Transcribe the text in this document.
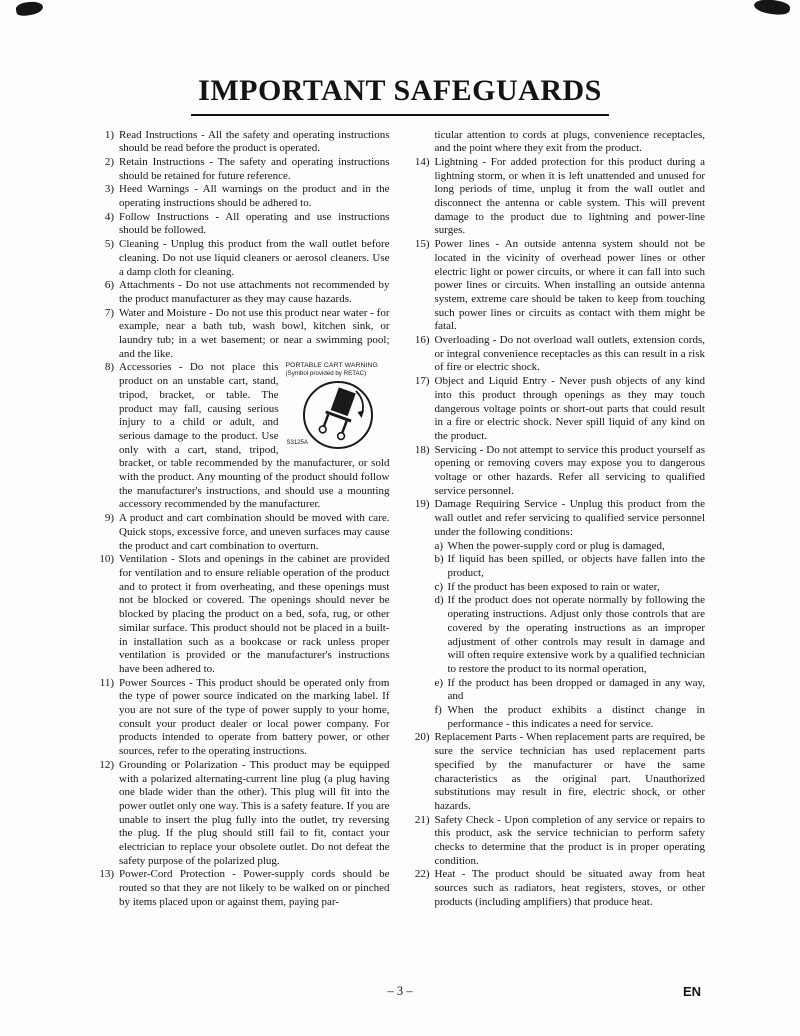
IMPORTANT SAFEGUARDS
1) Read Instructions - All the safety and operating instructions should be read before the product is operated.
2) Retain Instructions - The safety and operating instructions should be retained for future reference.
3) Heed Warnings - All warnings on the product and in the operating instructions should be adhered to.
4) Follow Instructions - All operating and use instructions should be followed.
5) Cleaning - Unplug this product from the wall outlet before cleaning. Do not use liquid cleaners or aerosol cleaners. Use a damp cloth for cleaning.
6) Attachments - Do not use attachments not recommended by the product manufacturer as they may cause hazards.
7) Water and Moisture - Do not use this product near water - for example, near a bath tub, wash bowl, kitchen sink, or laundry tub; in a wet basement; or near a swimming pool; and the like.
8)	PORTABLE CART WARNING
(Symbol provided by RETAC)
S3125A
Accessories - Do not place this product on an unstable cart, stand, tripod, bracket, or table. The product may fall, causing serious injury to a child or adult, and serious damage to the product. Use only with a cart, stand, tripod, bracket, or table recommended by the manufacturer, or sold with the product. Any mounting of the product should follow the manufacturer's instructions, and should use a mounting accessory recommended by the manufacturer.
9) A product and cart combination should be moved with care. Quick stops, excessive force, and uneven surfaces may cause the product and cart combination to overturn.
10) Ventilation - Slots and openings in the cabinet are provided for ventilation and to ensure reliable operation of the product and to protect it from overheating, and these openings must not be blocked or covered. The openings should never be blocked by placing the product on a bed, sofa, rug, or other similar surface. This product should not be placed in a built-in installation such as a bookcase or rack unless proper ventilation is provided or the manufacturer's instructions have been adhered to.
11) Power Sources - This product should be operated only from the type of power source indicated on the marking label. If you are not sure of the type of power supply to your home, consult your product dealer or local power company. For products intended to operate from battery power, or other sources, refer to the operating instructions.
12) Grounding or Polarization - This product may be equipped with a polarized alternating-current line plug (a plug having one blade wider than the other). This plug will fit into the power outlet only one way. This is a safety feature. If you are unable to insert the plug fully into the outlet, try reversing the plug. If the plug should still fail to fit, contact your electrician to replace your obsolete outlet. Do not defeat the safety purpose of the polarized plug.
13) Power-Cord Protection - Power-supply cords should be routed so that they are not likely to be walked on or pinched by items placed upon or against them, paying par-
ticular attention to cords at plugs, convenience receptacles, and the point where they exit from the product.
14) Lightning - For added protection for this product during a lightning storm, or when it is left unattended and unused for long periods of time, unplug it from the wall outlet and disconnect the antenna or cable system. This will prevent damage to the product due to lightning and power-line surges.
15) Power lines - An outside antenna system should not be located in the vicinity of overhead power lines or other electric light or power circuits, or where it can fall into such power lines or circuits. When installing an outside antenna system, extreme care should be taken to keep from touching such power lines or circuits as contact with them might be fatal.
16) Overloading - Do not overload wall outlets, extension cords, or integral convenience receptacles as this can result in a risk of fire or electric shock.
17) Object and Liquid Entry - Never push objects of any kind into this product through openings as they may touch dangerous voltage points or short-out parts that could result in a fire or electric shock. Never spill liquid of any kind on the product.
18) Servicing - Do not attempt to service this product yourself as opening or removing covers may expose you to dangerous voltage or other hazards. Refer all servicing to qualified service personnel.
19) Damage Requiring Service - Unplug this product from the wall outlet and refer servicing to qualified service personnel under the following conditions:
a) When the power-supply cord or plug is damaged,
b) If liquid has been spilled, or objects have fallen into the product,
c) If the product has been exposed to rain or water,
d) If the product does not operate normally by following the operating instructions. Adjust only those controls that are covered by the operating instructions as an improper adjustment of other controls may result in damage and will often require extensive work by a qualified technician to restore the product to its normal operation,
e) If the product has been dropped or damaged in any way, and
f) When the product exhibits a distinct change in performance - this indicates a need for service.
20) Replacement Parts - When replacement parts are required, be sure the service technician has used replacement parts specified by the manufacturer or have the same characteristics as the original part. Unauthorized substitutions may result in fire, electric shock, or other hazards.
21) Safety Check - Upon completion of any service or repairs to this product, ask the service technician to perform safety checks to determine that the product is in proper operating condition.
22) Heat - The product should be situated away from heat sources such as radiators, heat registers, stoves, or other products (including amplifiers) that produce heat.
– 3 –	EN
